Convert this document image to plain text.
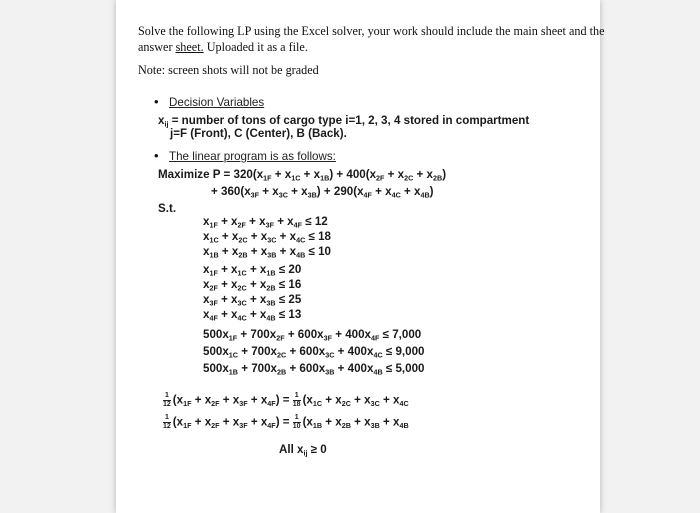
Solve the following LP using the Excel solver, your work should include the main sheet and the
answer sheet. Uploaded it as a file.
Note: screen shots will not be graded
• Decision Variables
$x_{ij}$ = number of tons of cargo type i=1, 2, 3, 4 stored in compartment
j=F (Front), C (Center), B (Back).
• The linear program is as follows:
Maximize $P = 320(x_{1F} + x_{1C} + x_{1B}) + 400(x_{2F} + x_{2C} + x_{2B})$
+ $360(x_{3F} + x_{3C} + x_{3B}) + 290(x_{4F} + x_{4C} + x_{4B})$
S.t.
$x_{1F} + x_{2F} + x_{3F} + x_{4F} \le 12$
$x_{1C} + x_{2C} + x_{3C} + x_{4C} \le 18$
$x_{1B} + x_{2B} + x_{3B} + x_{4B} \le 10$
$x_{1F} + x_{1C} + x_{1B} \le 20$
$x_{2F} + x_{2C} + x_{2B} \le 16$
$x_{3F} + x_{3C} + x_{3B} \le 25$
$x_{4F} + x_{4C} + x_{4B} \le 13$
$500x_{1F} + 700x_{2F} + 600x_{3F} + 400x_{4F} \le 7,000$
$500x_{1C} + 700x_{2C} + 600x_{3C} + 400x_{4C} \le 9,000$
$500x_{1B} + 700x_{2B} + 600x_{3B} + 400x_{4B} \le 5,000$
$\frac{1}{12} (x_{1F} + x_{2F} + x_{3F} + x_{4F}) = \frac{1}{18} (x_{1C} + x_{2C} + x_{3C} + x_{4C}$
$\frac{1}{12} (x_{1F} + x_{2F} + x_{3F} + x_{4F}) = \frac{1}{10} (x_{1B} + x_{2B} + x_{3B} + x_{4B}$
All $x_{ij} \ge 0$
